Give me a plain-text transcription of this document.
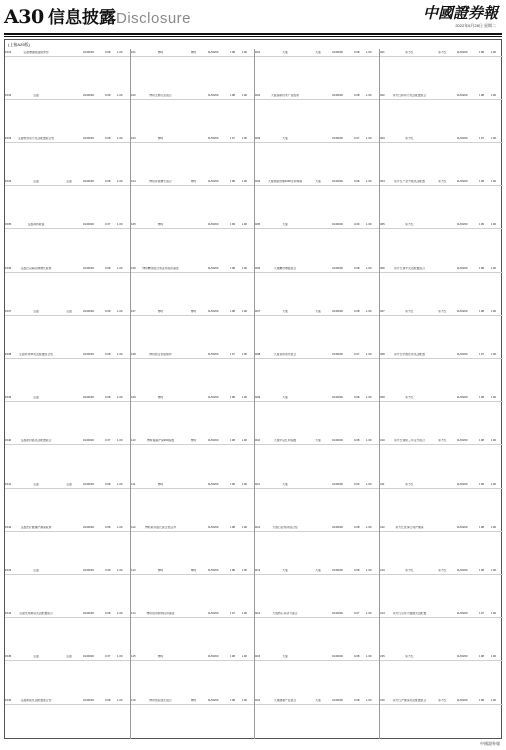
A30 信息披露 Disclosure	中國證券報
2022年6月28日 星期二
(上接A29版)
1531	宝盈增强收益债券型	01/00/00	0.08	1.00
1532	宝盈	01/00/00	0.09	1.00
1533	宝盈转型动力灵活配置混合型	01/00/00	0.08	1.00
1534	宝盈	宝盈	01/00/00	0.08	1.00
1535	宝盈鸿利收益	01/00/00	0.07	1.00
1536	宝盈泛沿海区域增长股票	01/00/00	0.08	1.00
1537	宝盈	宝盈	01/00/00	0.09	1.00
1538	宝盈科技30灵活配置混合型	01/00/00	0.08	1.00
1539	宝盈	01/00/00	0.08	1.00
1540	宝盈新价值灵活配置混合	01/00/00	0.07	1.00
1541	宝盈	宝盈	01/00/00	0.08	1.00
1542	宝盈医疗健康沪港深股票	01/00/00	0.08	1.00
1543	宝盈	01/00/00	0.09	1.00
1544	宝盈先进制造灵活配置混合	01/00/00	0.08	1.00
1545	宝盈	宝盈	01/00/00	0.07	1.00
1546	宝盈新锐灵活配置混合型	01/00/00	0.08	1.00
2101	博时	博时	01/00/00	0.08	1.00
2102	博时主题行业混合	01/00/00	0.08	1.00
2103	博时	01/00/00	0.07	1.00
2104	博时价值增长混合	博时	01/00/00	0.08	1.00
2105	博时	01/00/00	0.09	1.00
2106	博时精选混合型证券投资基金	01/00/00	0.08	1.00
2107	博时	博时	01/00/00	0.08	1.00
2108	博时稳定价值债券	01/00/00	0.07	1.00
2109	博时	01/00/00	0.08	1.00
2110	博时裕富沪深300指数	博时	01/00/00	0.08	1.00
2111	博时	01/00/00	0.09	1.00
2112	博时新兴成长混合型证券	01/00/00	0.08	1.00
2113	博时	博时	01/00/00	0.08	1.00
2114	博时信用债券投资基金	01/00/00	0.07	1.00
2115	博时	01/00/00	0.08	1.00
2116	博时创业成长混合	博时	01/00/00	0.08	1.00
3201	大成	大成	01/00/00	0.08	1.00
3202	大成高新技术产业股票	01/00/00	0.08	1.00
3203	大成	01/00/00	0.07	1.00
3204	大成财富管理2020生命周期	大成	01/00/00	0.08	1.00
3205	大成	01/00/00	0.09	1.00
3206	大成精选增值混合	01/00/00	0.08	1.00
3207	大成	大成	01/00/00	0.08	1.00
3208	大成景阳领先混合	01/00/00	0.07	1.00
3209	大成	01/00/00	0.08	1.00
3210	大成中证红利指数	大成	01/00/00	0.08	1.00
3211	大成	01/00/00	0.09	1.00
3212	大成行业轮动混合型	01/00/00	0.08	1.00
3213	大成	大成	01/00/00	0.08	1.00
3214	大成核心双动力混合	01/00/00	0.07	1.00
3215	大成	01/00/00	0.08	1.00
3216	大成健康产业混合	大成	01/00/00	0.08	1.00
4301	东方红	东方红	01/00/00	0.08	1.00
4302	东方红新动力灵活配置混合	01/00/00	0.08	1.00
4303	东方红	01/00/00	0.07	1.00
4304	东方红产业升级灵活配置	东方红	01/00/00	0.08	1.00
4305	东方红	01/00/00	0.09	1.00
4306	东方红睿丰灵活配置混合	01/00/00	0.08	1.00
4307	东方红	东方红	01/00/00	0.08	1.00
4308	东方红中国优势灵活配置	01/00/00	0.07	1.00
4309	东方红	01/00/00	0.08	1.00
4310	东方红睿阳三年定开混合	东方红	01/00/00	0.08	1.00
4311	东方红	01/00/00	0.09	1.00
4312	东方红优享红利沪港深	01/00/00	0.08	1.00
4313	东方红	东方红	01/00/00	0.08	1.00
4314	东方红京东大数据灵活配置	01/00/00	0.07	1.00
4315	东方红	01/00/00	0.08	1.00
4316	东方红沪港深灵活配置混合	东方红	01/00/00	0.08	1.00
中國證券報
